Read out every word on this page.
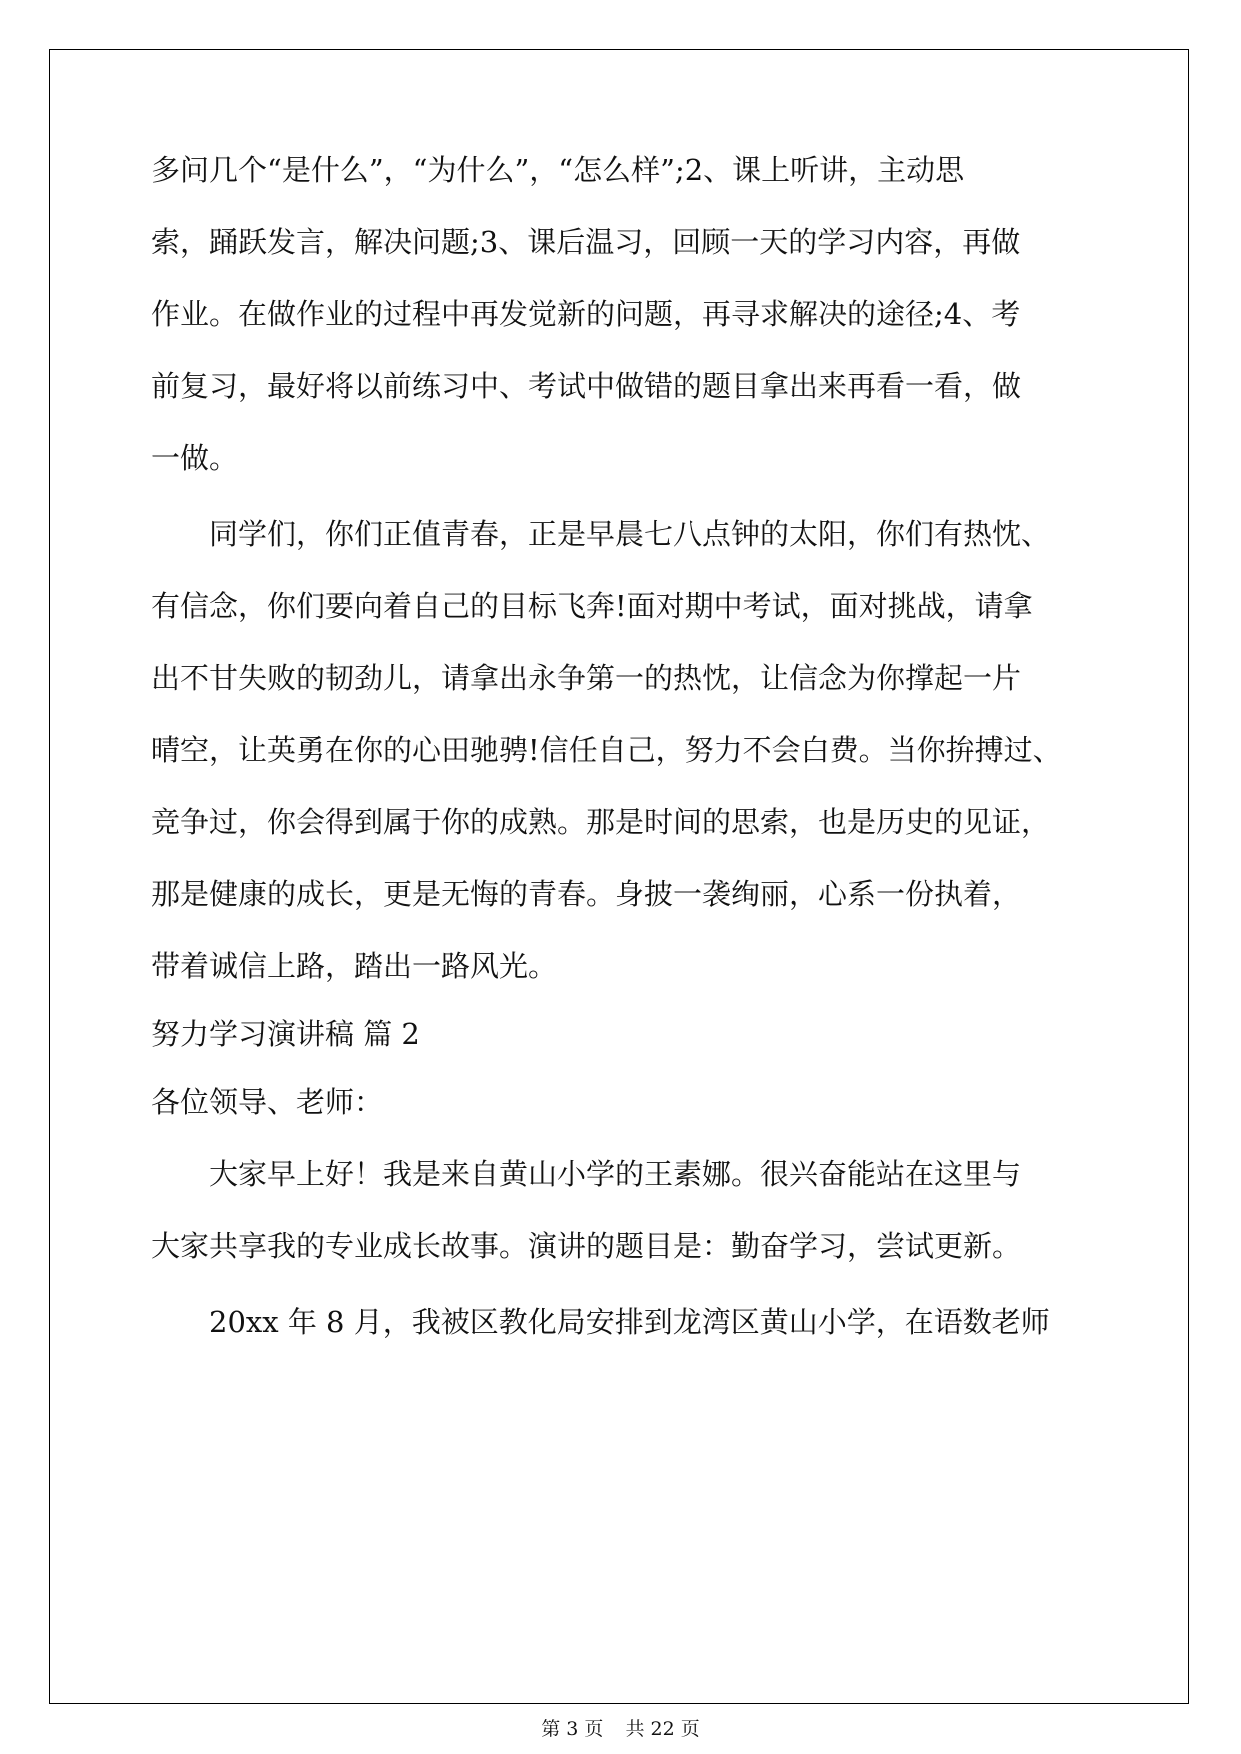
多问几个“是什么”，“为什么”，“怎么样”;2、课上听讲，主动思
索，踊跃发言，解决问题;3、课后温习，回顾一天的学习内容，再做
作业。在做作业的过程中再发觉新的问题，再寻求解决的途径;4、考
前复习，最好将以前练习中、考试中做错的题目拿出来再看一看，做
一做。
同学们，你们正值青春，正是早晨七八点钟的太阳，你们有热忱、
有信念，你们要向着自己的目标飞奔!面对期中考试，面对挑战，请拿
出不甘失败的韧劲儿，请拿出永争第一的热忱，让信念为你撑起一片
晴空，让英勇在你的心田驰骋!信任自己，努力不会白费。当你拚搏过、
竞争过，你会得到属于你的成熟。那是时间的思索，也是历史的见证，
那是健康的成长，更是无悔的青春。身披一袭绚丽，心系一份执着，
带着诚信上路，踏出一路风光。
努力学习演讲稿 篇 2
各位领导、老师：
大家早上好！我是来自黄山小学的王素娜。很兴奋能站在这里与
大家共享我的专业成长故事。演讲的题目是：勤奋学习，尝试更新。
20xx 年 8 月，我被区教化局安排到龙湾区黄山小学，在语数老师
第 3 页 共 22 页
